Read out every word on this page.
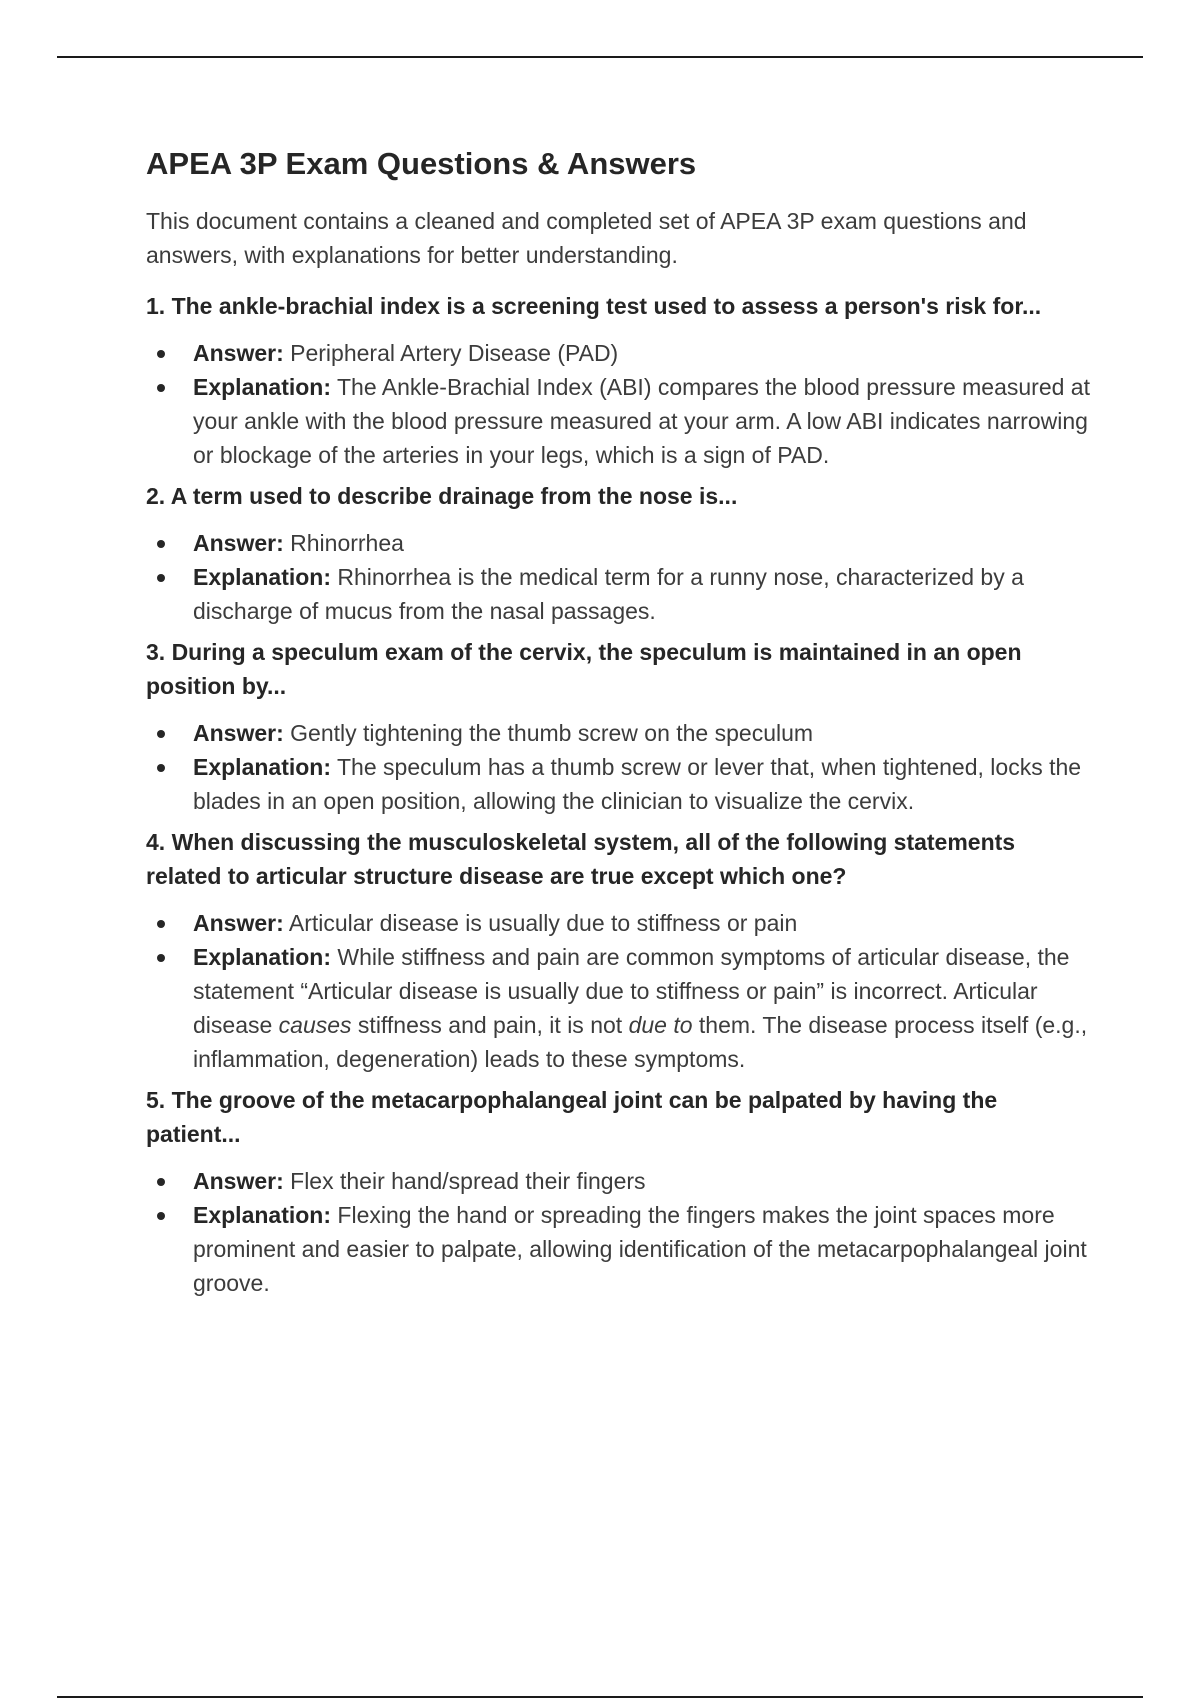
APEA 3P Exam Questions & Answers

This document contains a cleaned and completed set of APEA 3P exam questions and answers, with explanations for better understanding.

1. The ankle-brachial index is a screening test used to assess a person's risk for...

Answer: Peripheral Artery Disease (PAD)
Explanation: The Ankle-Brachial Index (ABI) compares the blood pressure measured at your ankle with the blood pressure measured at your arm. A low ABI indicates narrowing or blockage of the arteries in your legs, which is a sign of PAD.

2. A term used to describe drainage from the nose is...

Answer: Rhinorrhea
Explanation: Rhinorrhea is the medical term for a runny nose, characterized by a discharge of mucus from the nasal passages.

3. During a speculum exam of the cervix, the speculum is maintained in an open position by...

Answer: Gently tightening the thumb screw on the speculum
Explanation: The speculum has a thumb screw or lever that, when tightened, locks the blades in an open position, allowing the clinician to visualize the cervix.

4. When discussing the musculoskeletal system, all of the following statements related to articular structure disease are true except which one?

Answer: Articular disease is usually due to stiffness or pain
Explanation: While stiffness and pain are common symptoms of articular disease, the statement “Articular disease is usually due to stiffness or pain” is incorrect. Articular disease causes stiffness and pain, it is not due to them. The disease process itself (e.g., inflammation, degeneration) leads to these symptoms.

5. The groove of the metacarpophalangeal joint can be palpated by having the patient...

Answer: Flex their hand/spread their fingers
Explanation: Flexing the hand or spreading the fingers makes the joint spaces more prominent and easier to palpate, allowing identification of the metacarpophalangeal joint groove.
